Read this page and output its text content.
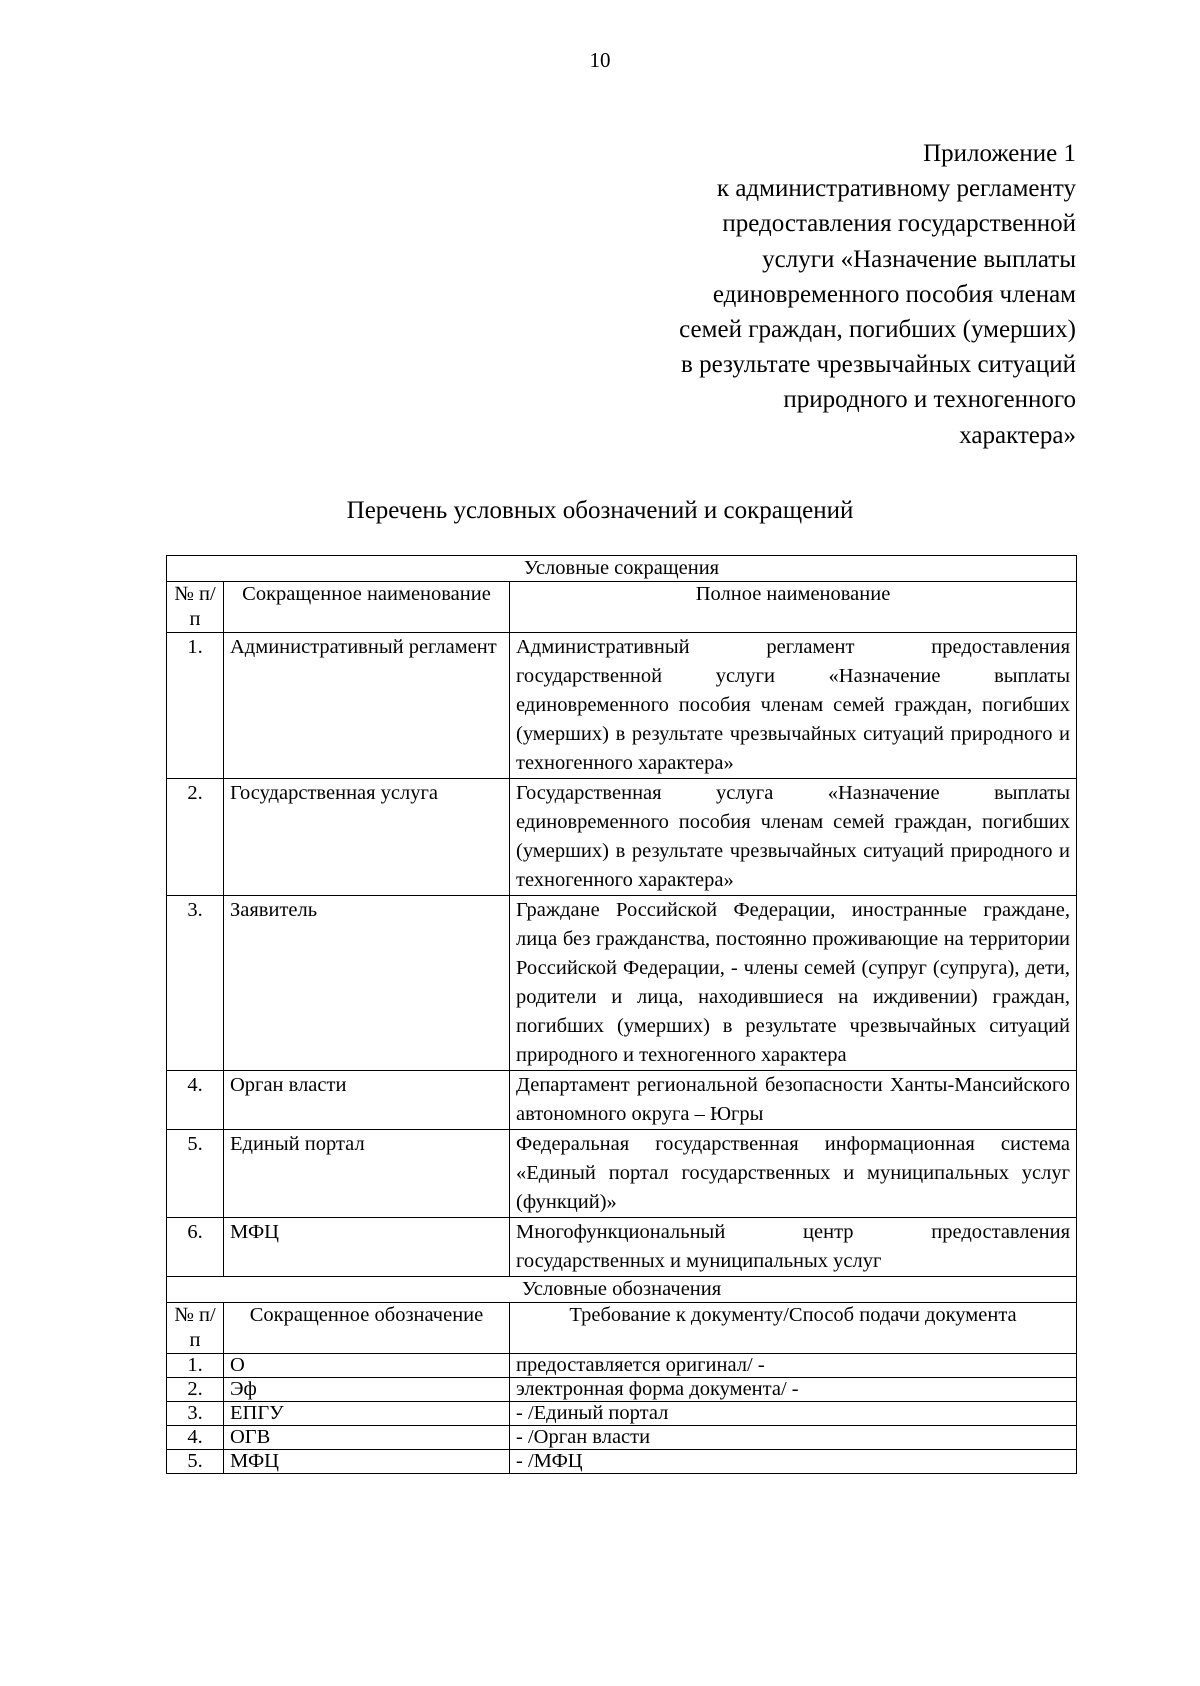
10
Приложение 1
к административному регламенту
предоставления государственной
услуги «Назначение выплаты
единовременного пособия членам
семей граждан, погибших (умерших)
в результате чрезвычайных ситуаций
природного и техногенного
характера»
Перечень условных обозначений и сокращений
Условные сокращения		
№ п/п	Сокращенное наименование	Полное наименование
1.	Административный регламент	Административный регламент предоставления государственной услуги «Назначение выплаты единовременного пособия членам семей граждан, погибших (умерших) в результате чрезвычайных ситуаций природного и техногенного характера»
2.	Государственная услуга	Государственная услуга «Назначение выплаты единовременного пособия членам семей граждан, погибших (умерших) в результате чрезвычайных ситуаций природного и техногенного характера»
3.	Заявитель	Граждане Российской Федерации, иностранные граждане, лица без гражданства, постоянно проживающие на территории Российской Федерации, - члены семей (супруг (супруга), дети, родители и лица, находившиеся на иждивении) граждан, погибших (умерших) в результате чрезвычайных ситуаций природного и техногенного характера
4.	Орган власти	Департамент региональной безопасности Ханты-Мансийского автономного округа – Югры
5.	Единый портал	Федеральная государственная информационная система «Единый портал государственных и муниципальных услуг (функций)»
6.	МФЦ	Многофункциональный центр предоставления государственных и муниципальных услуг
Условные обозначения		
№ п/п	Сокращенное обозначение	Требование к документу/Способ подачи документа
1.	О	предоставляется оригинал/ -
2.	Эф	электронная форма документа/ -
3.	ЕПГУ	- /Единый портал
4.	ОГВ	- /Орган власти
5.	МФЦ	- /МФЦ
